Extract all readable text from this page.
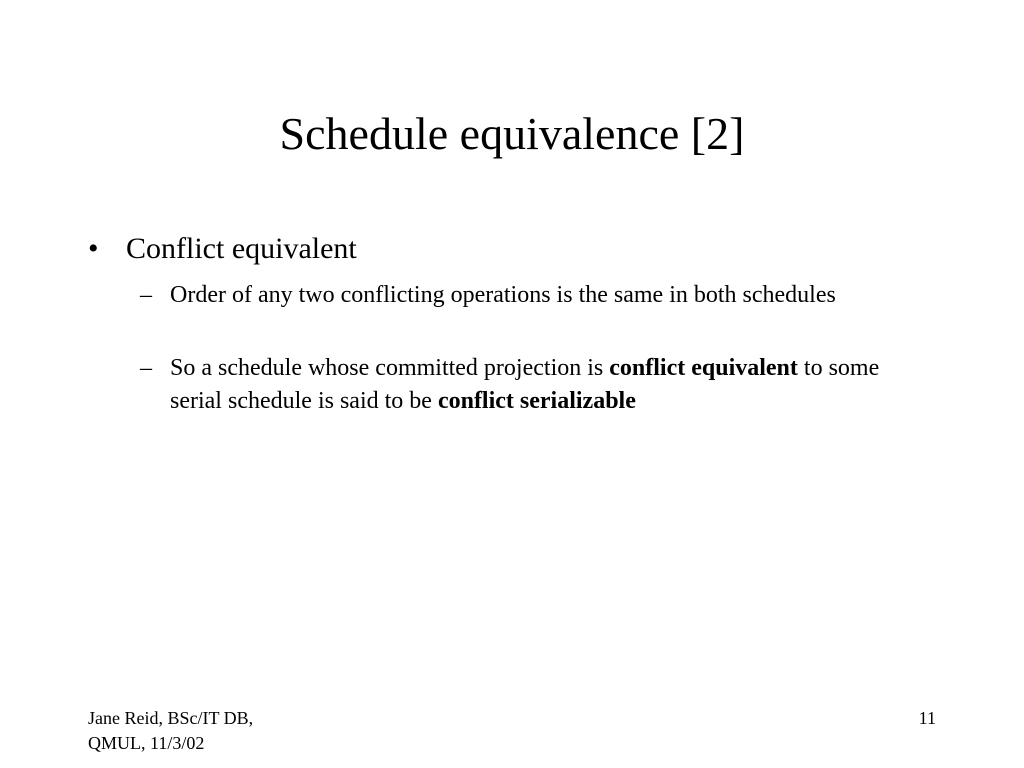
Schedule equivalence [2]
• Conflict equivalent
– Order of any two conflicting operations is the same in both schedules
– So a schedule whose committed projection is conflict equivalent to some serial schedule is said to be conflict serializable
Jane Reid, BSc/IT DB,
QMUL, 11/3/02
11
